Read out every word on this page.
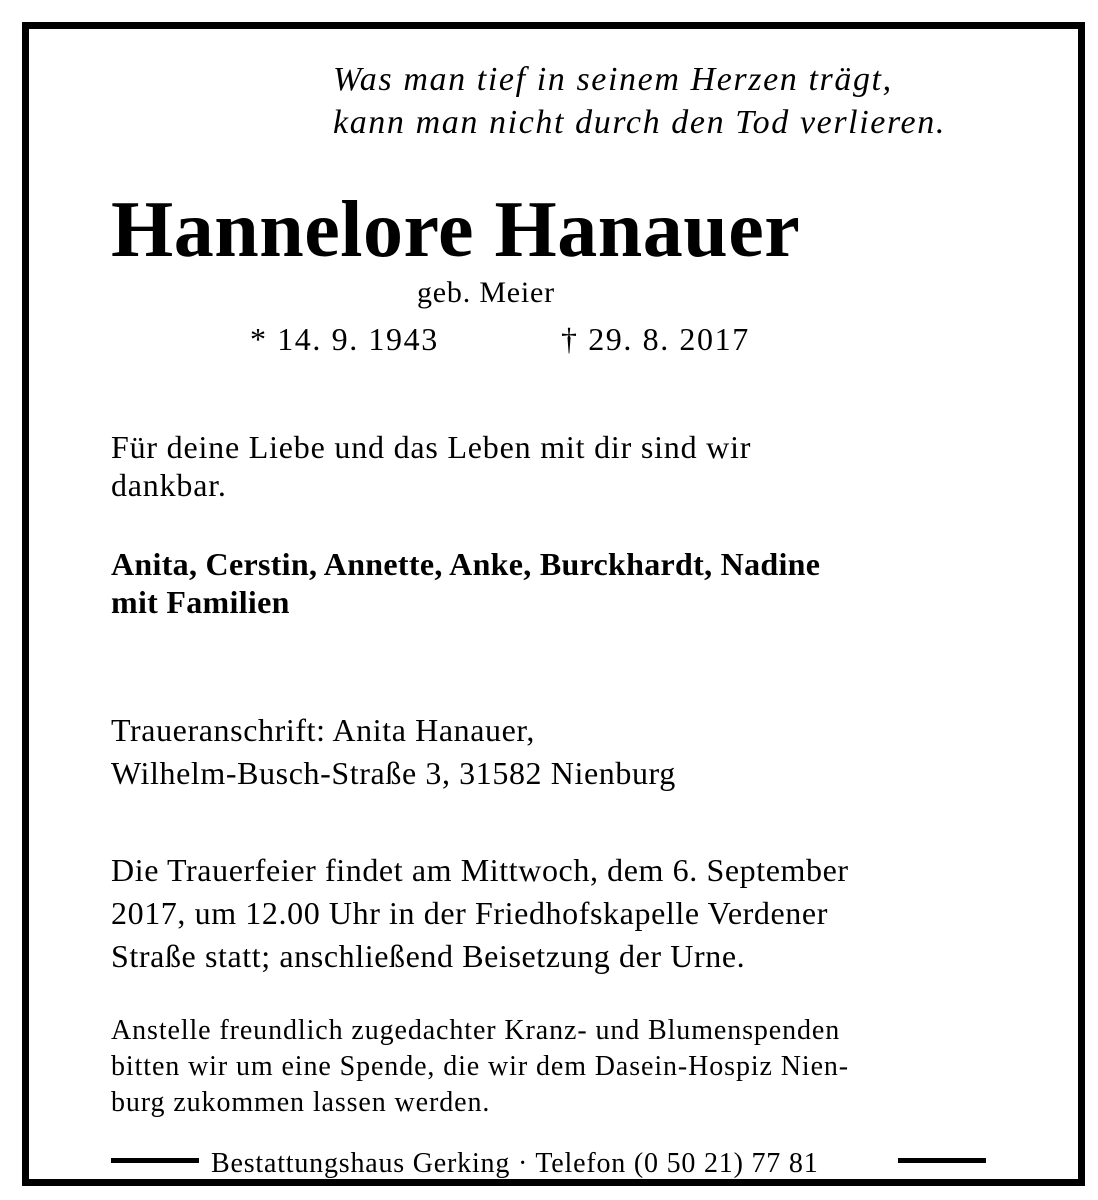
Was man tief in seinem Herzen trägt,
kann man nicht durch den Tod verlieren.
Hannelore Hanauer
geb. Meier
* 14. 9. 1943	† 29. 8. 2017
Für deine Liebe und das Leben mit dir sind wir
dankbar.
Anita, Cerstin, Annette, Anke, Burckhardt, Nadine
mit Familien
Traueranschrift: Anita Hanauer,
Wilhelm-Busch-Straße 3, 31582 Nienburg
Die Trauerfeier findet am Mittwoch, dem 6. September
2017, um 12.00 Uhr in der Friedhofskapelle Verdener
Straße statt; anschließend Beisetzung der Urne.
Anstelle freundlich zugedachter Kranz- und Blumenspenden
bitten wir um eine Spende, die wir dem Dasein-Hospiz Nien-
burg zukommen lassen werden.
Bestattungshaus Gerking · Telefon (0 50 21) 77 81
